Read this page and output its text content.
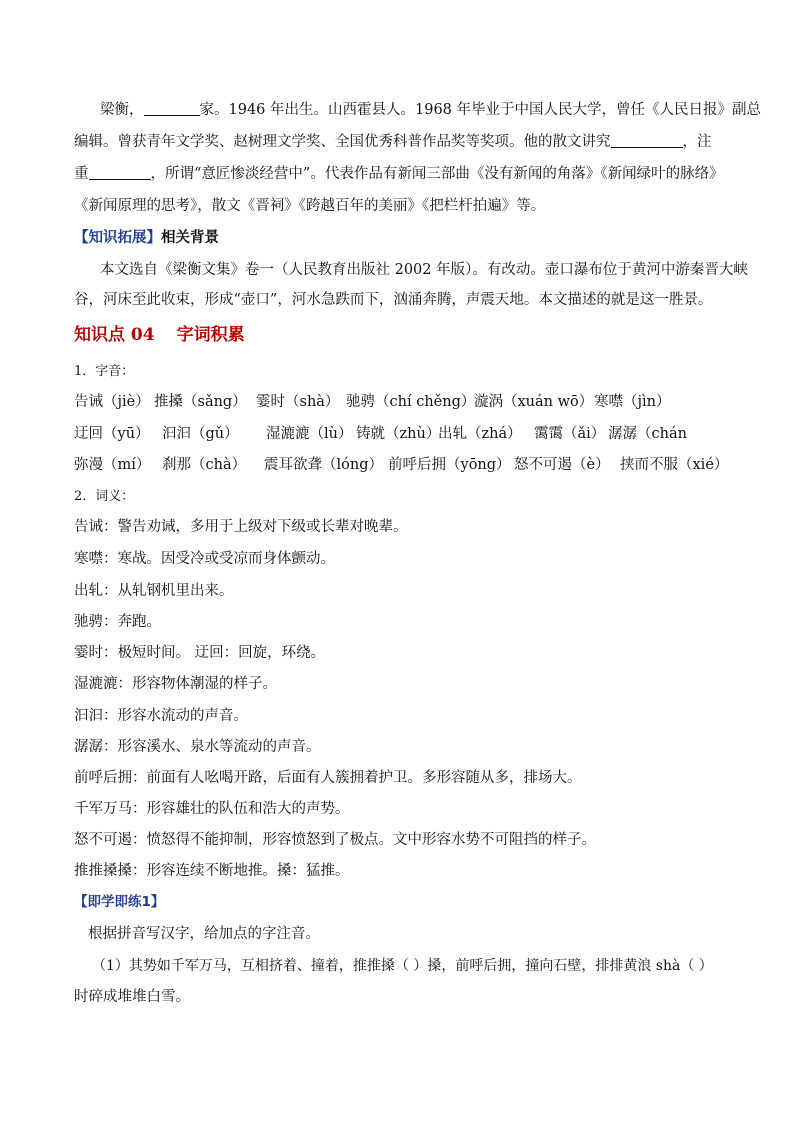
梁衡，	家。1946 年出生。山西霍县人。1968 年毕业于中国人民大学，曾任《人民日报》副总
编辑。曾获青年文学奖、赵树理文学奖、全国优秀科普作品奖等奖项。他的散文讲究	，注
重	，所谓“意匠惨淡经营中”。代表作品有新闻三部曲《没有新闻的角落》《新闻绿叶的脉络》
《新闻原理的思考》，散文《晋祠》《跨越百年的美丽》《把栏杆拍遍》等。
【知识拓展】相关背景
本文选自《梁衡文集》卷一（人民教育出版社 2002 年版）。有改动。壶口瀑布位于黄河中游秦晋大峡
谷，河床至此收束，形成“壶口”，河水急跌而下，汹涌奔腾，声震天地。本文描述的就是这一胜景。
知识点 04 字词积累
1．字音：
告诫（jiè） 推搡（sǎng） 霎时（shà） 驰骋（chí chěng）
漩涡（xuán wō） 寒噤（jìn）
迂回（yū） 汩汩（gǔ） 湿漉漉（lù） 铸就（zhù）
出轧（zhá） 霭霭（ǎi） 潺潺（chán
弥漫（mí） 刹那（chà） 震耳欲聋（lóng） 前呼后拥（yōng） 怒不可遏（è） 挟而不服（xié）
2．词义：
告诫：警告劝诫，多用于上级对下级或长辈对晚辈。
寒噤：寒战。因受冷或受凉而身体颤动。
出轧：从轧钢机里出来。
驰骋：奔跑。
霎时：极短时间。 迂回：回旋，环绕。
湿漉漉：形容物体潮湿的样子。
汩汩：形容水流动的声音。
潺潺：形容溪水、泉水等流动的声音。
前呼后拥：前面有人吆喝开路，后面有人簇拥着护卫。多形容随从多，排场大。
千军万马：形容雄壮的队伍和浩大的声势。
怒不可遏：愤怒得不能抑制，形容愤怒到了极点。文中形容水势不可阻挡的样子。
推推搡搡：形容连续不断地推。搡：猛推。
【即学即练1】
根据拼音写汉字，给加点的字注音。
（1）其势如千军万马，互相挤着、撞着，推推搡（ ）搡，前呼后拥，撞向石壁，排排黄浪 shà（ ）
时碎成堆堆白雪。
